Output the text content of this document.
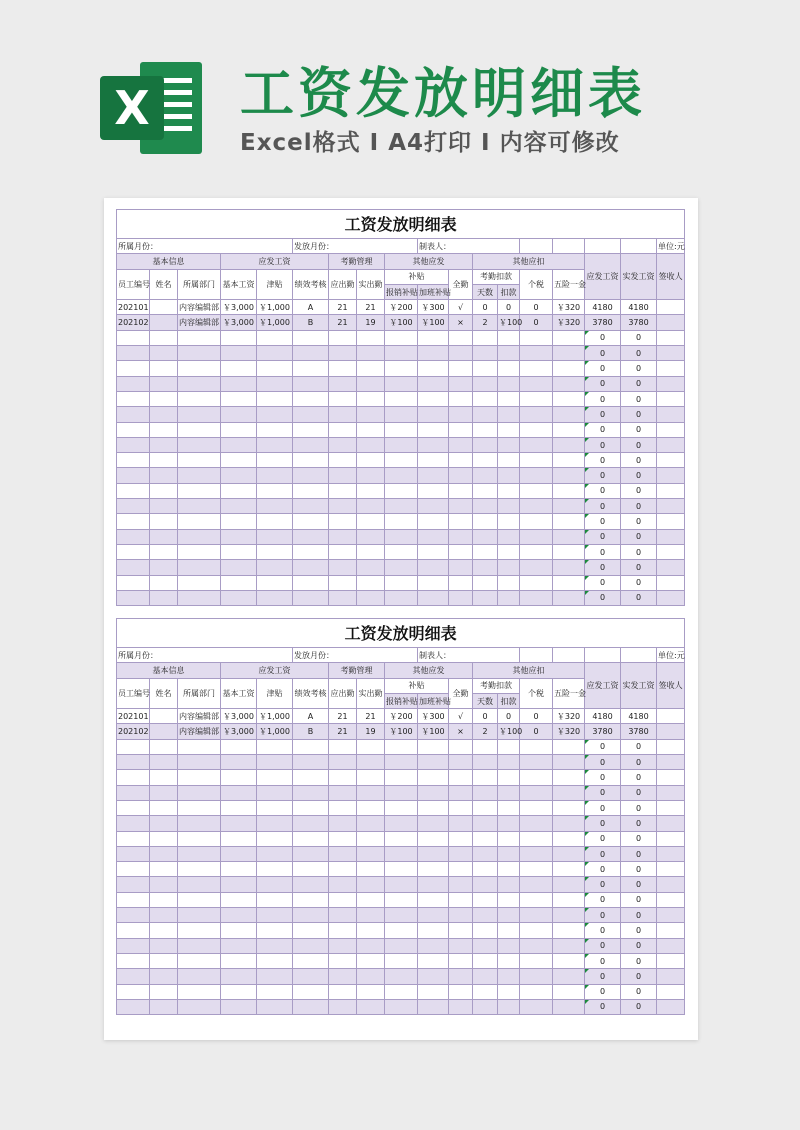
X 工资发放明细表
Excel格式 I A4打印 I 内容可修改
工资发放明细表																	
所属月份：					发放月份：				制表人：								单位:元
基本信息			应发工资			考勤管理		其他应发			其他应扣				应发工资	实发工资	签收人
员工编号	姓名	所属部门	基本工资	津贴	绩效考核	应出勤	实出勤	补贴		全勤	考勤扣款		个税	五险一金			
								报销补贴	加班补贴		天数	扣款					
202101		内容编辑部	￥3,000	￥1,000	A	21	21	￥200	￥300	√	0	0	0	￥320	4180	4180	
202102		内容编辑部	￥3,000	￥1,000	B	21	19	￥100	￥100	×	2	￥100	0	￥320	3780	3780	
															0	0	
															0	0	
															0	0	
															0	0	
															0	0	
															0	0	
															0	0	
															0	0	
															0	0	
															0	0	
															0	0	
															0	0	
															0	0	
															0	0	
															0	0	
															0	0	
															0	0	
															0	0	
工资发放明细表																	
所属月份：					发放月份：				制表人：								单位:元
基本信息			应发工资			考勤管理		其他应发			其他应扣				应发工资	实发工资	签收人
员工编号	姓名	所属部门	基本工资	津贴	绩效考核	应出勤	实出勤	补贴		全勤	考勤扣款		个税	五险一金			
								报销补贴	加班补贴		天数	扣款					
202101		内容编辑部	￥3,000	￥1,000	A	21	21	￥200	￥300	√	0	0	0	￥320	4180	4180	
202102		内容编辑部	￥3,000	￥1,000	B	21	19	￥100	￥100	×	2	￥100	0	￥320	3780	3780	
															0	0	
															0	0	
															0	0	
															0	0	
															0	0	
															0	0	
															0	0	
															0	0	
															0	0	
															0	0	
															0	0	
															0	0	
															0	0	
															0	0	
															0	0	
															0	0	
															0	0	
															0	0	
